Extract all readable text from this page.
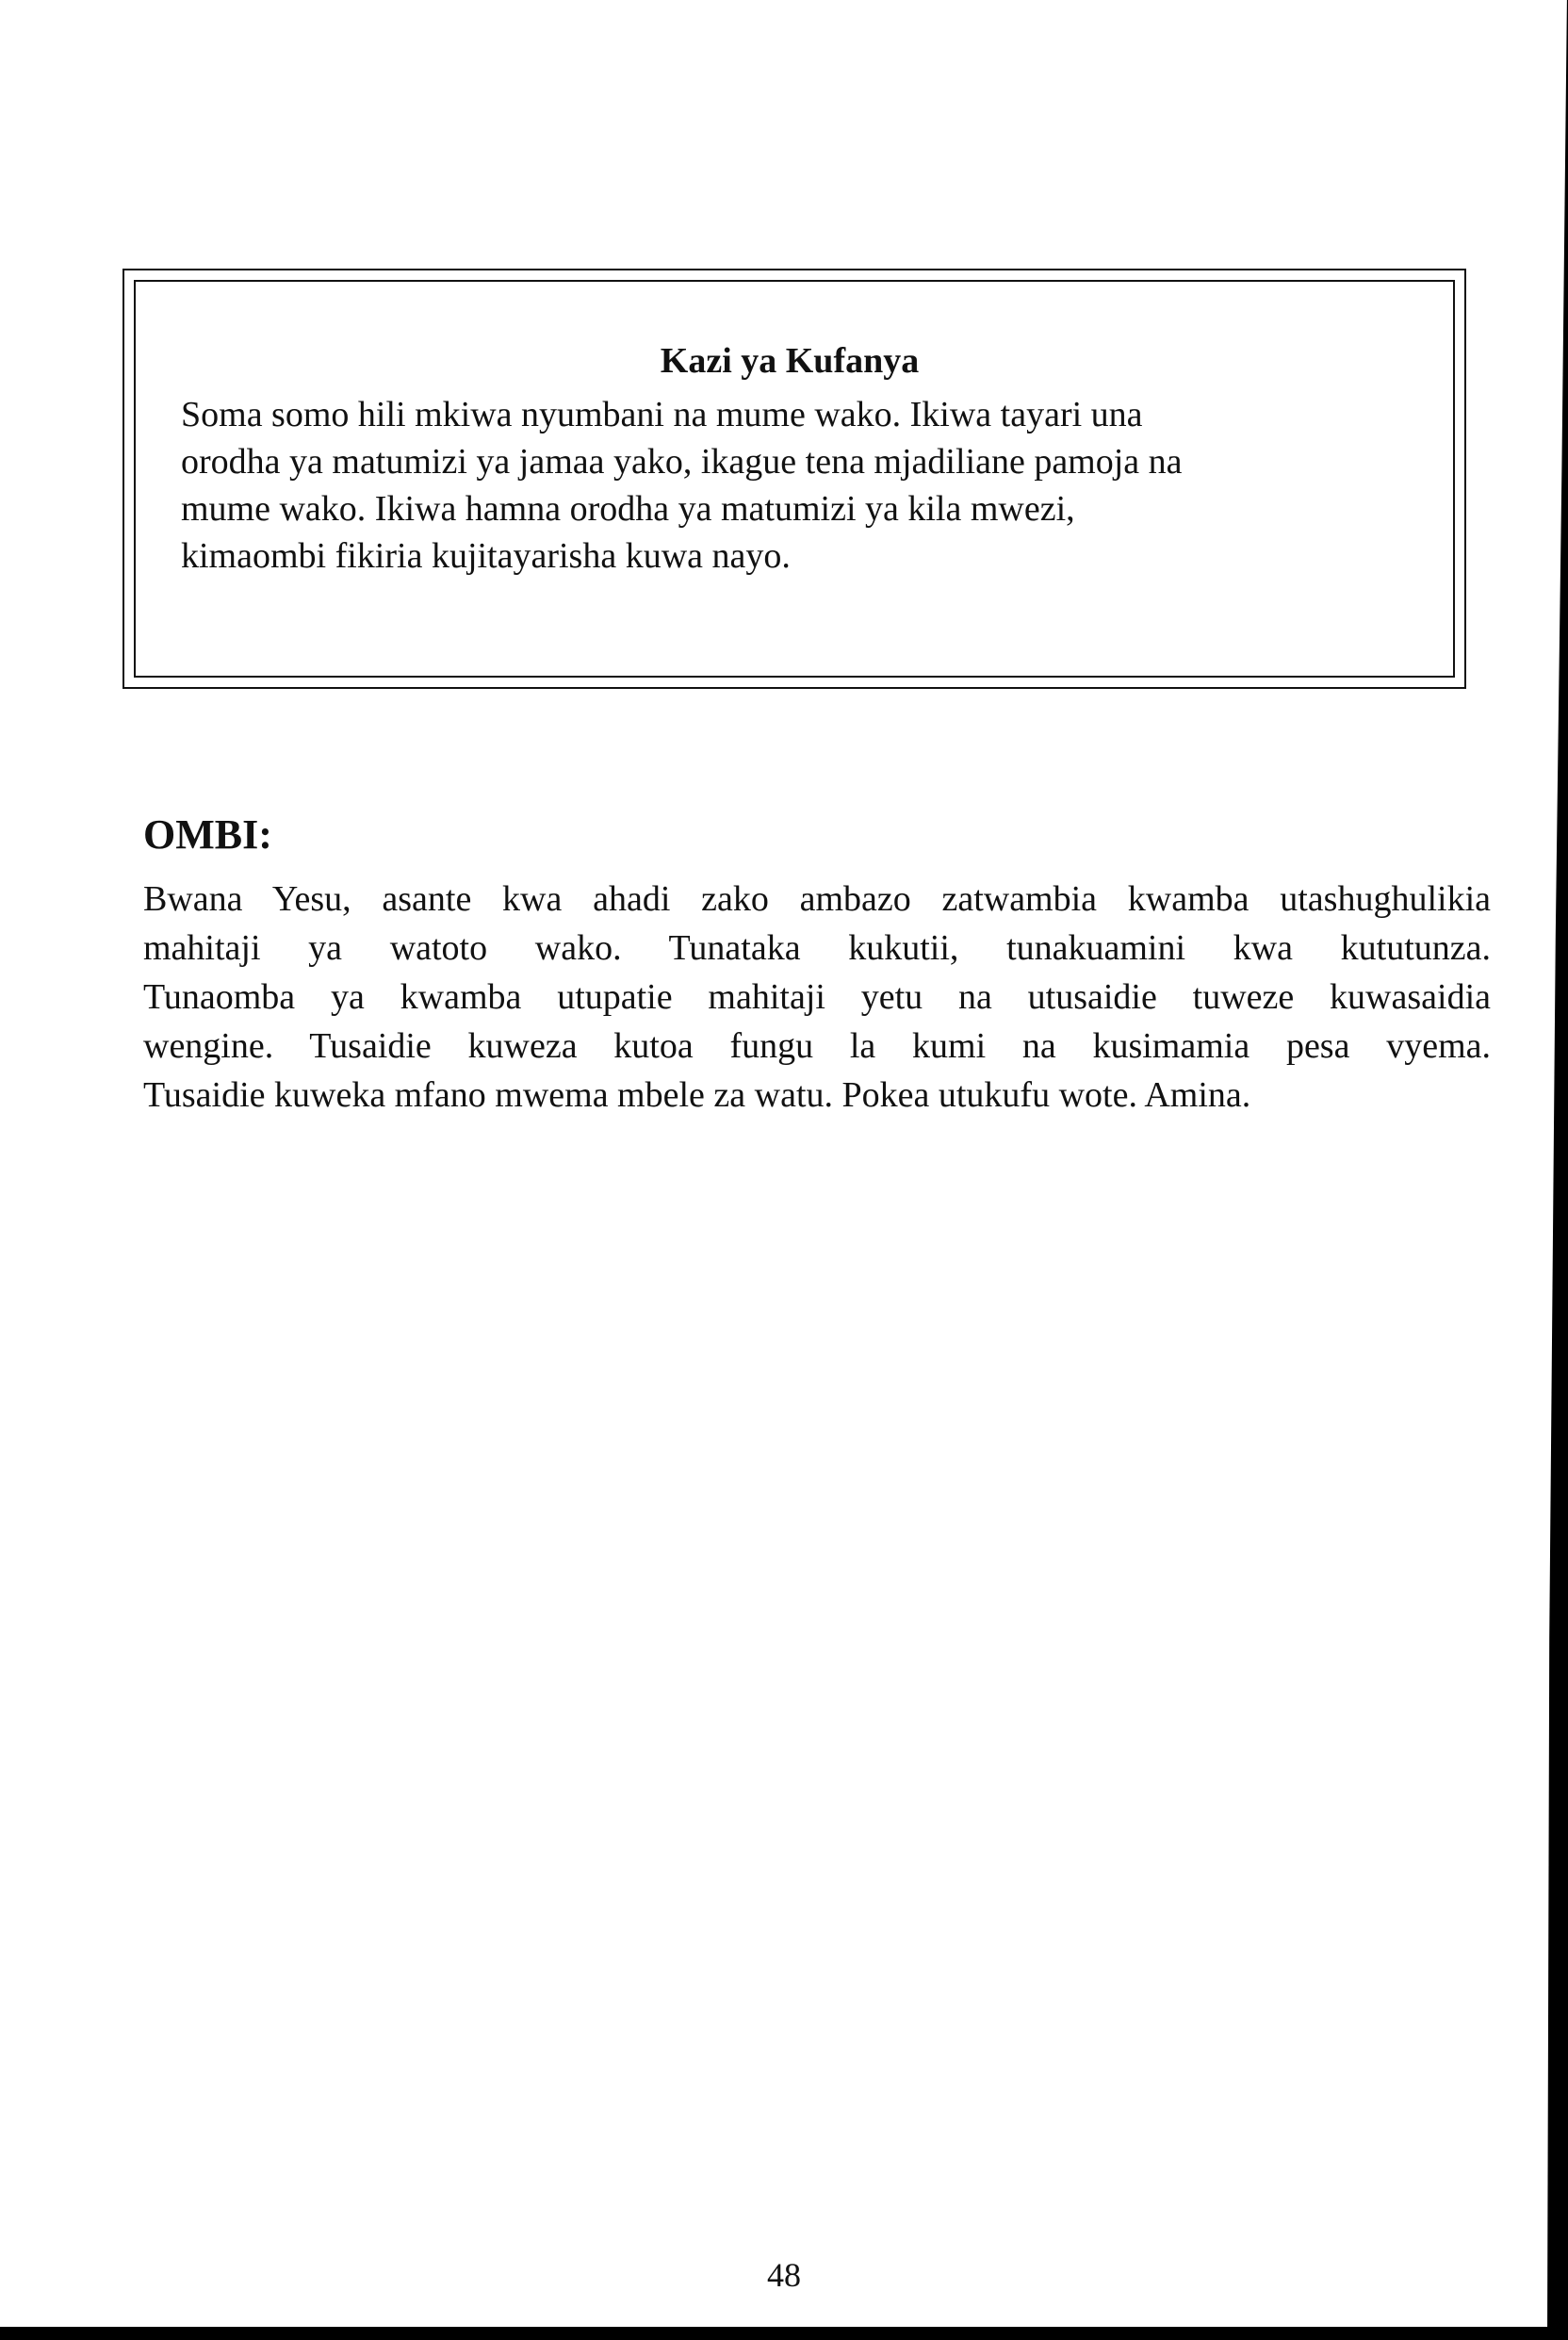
Kazi ya Kufanya

Soma somo hili mkiwa nyumbani na mume wako. Ikiwa tayari una
orodha ya matumizi ya jamaa yako, ikague tena mjadiliane pamoja na
mume wako. Ikiwa hamna orodha ya matumizi ya kila mwezi,
kimaombi fikiria kujitayarisha kuwa nayo.

OMBI:

Bwana Yesu, asante kwa ahadi zako ambazo zatwambia kwamba utashughulikia
mahitaji ya watoto wako. Tunataka kukutii, tunakuamini kwa kututunza.
Tunaomba ya kwamba utupatie mahitaji yetu na utusaidie tuweze kuwasaidia
wengine. Tusaidie kuweza kutoa fungu la kumi na kusimamia pesa vyema.
Tusaidie kuweka mfano mwema mbele za watu. Pokea utukufu wote. Amina.

48
